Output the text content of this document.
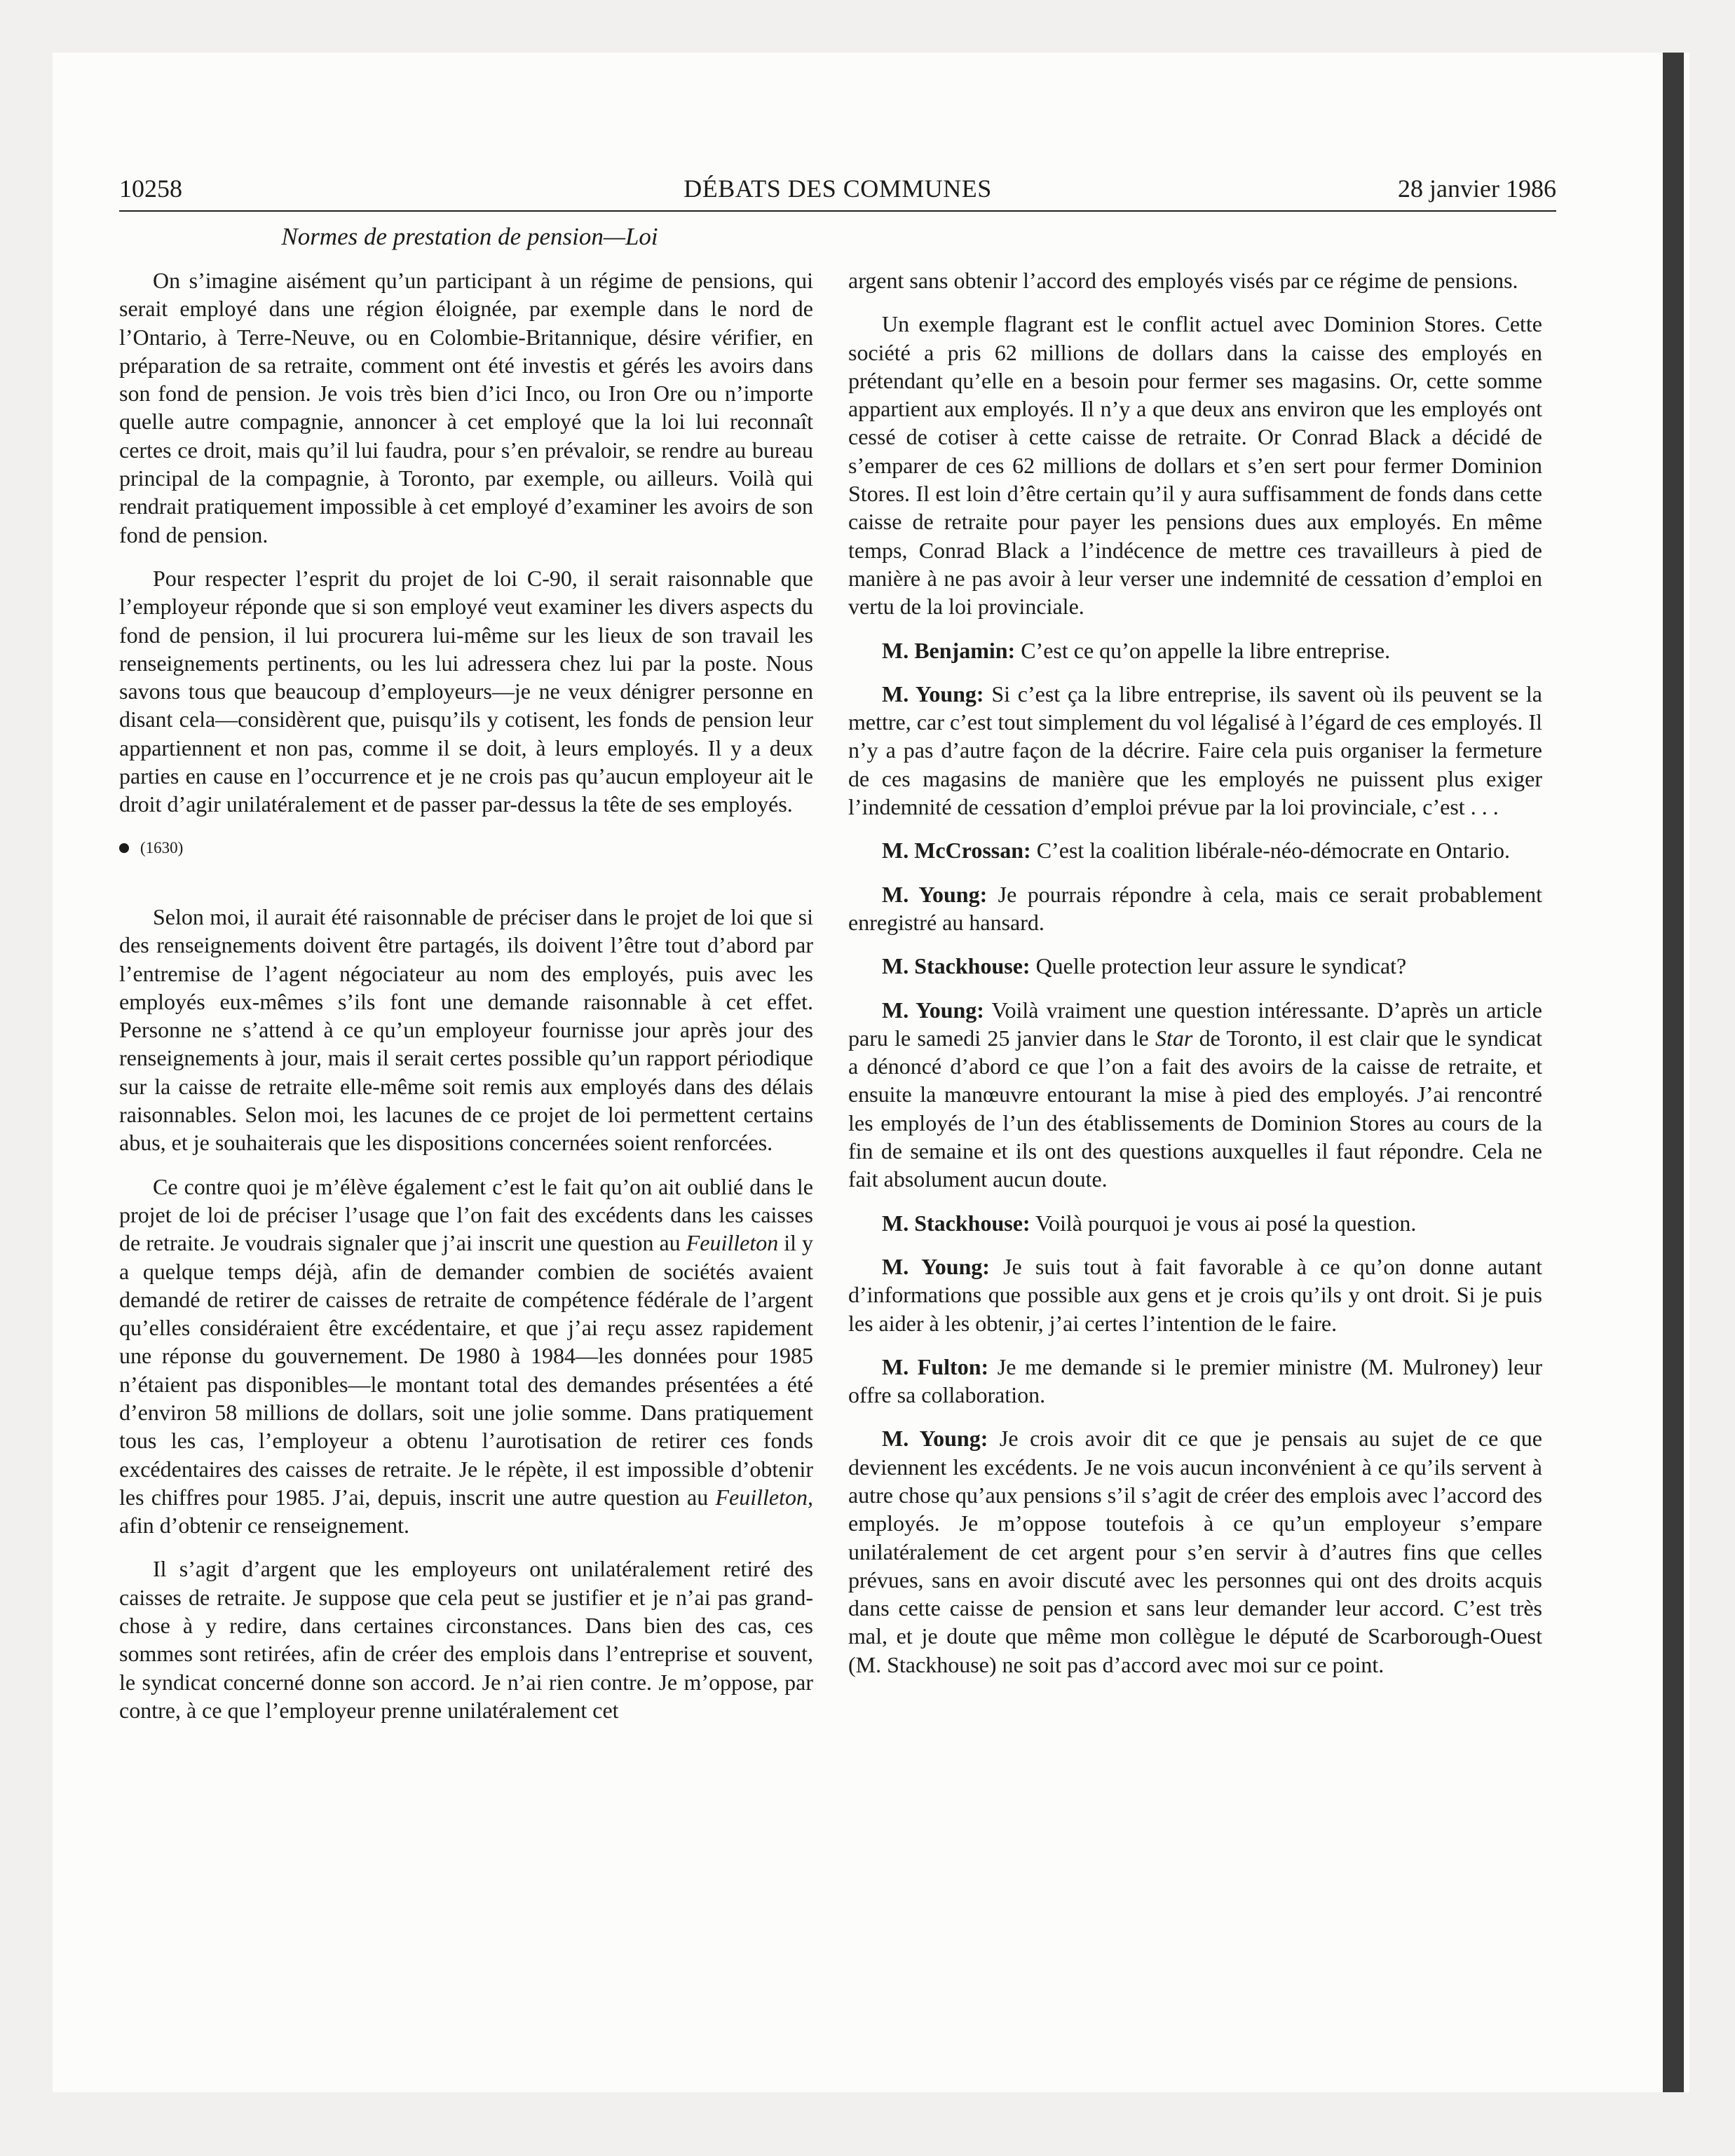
10258	DÉBATS DES COMMUNES	28 janvier 1986
Normes de prestation de pension—Loi

On s’imagine aisément qu’un participant à un régime de pensions, qui serait employé dans une région éloignée, par exemple dans le nord de l’Ontario, à Terre-Neuve, ou en Colombie-Britannique, désire vérifier, en préparation de sa retraite, comment ont été investis et gérés les avoirs dans son fond de pension. Je vois très bien d’ici Inco, ou Iron Ore ou n’importe quelle autre compagnie, annoncer à cet employé que la loi lui reconnaît certes ce droit, mais qu’il lui faudra, pour s’en prévaloir, se rendre au bureau principal de la compagnie, à Toronto, par exemple, ou ailleurs. Voilà qui rendrait pratiquement impossible à cet employé d’examiner les avoirs de son fond de pension.

Pour respecter l’esprit du projet de loi C-90, il serait raisonnable que l’employeur réponde que si son employé veut examiner les divers aspects du fond de pension, il lui procurera lui-même sur les lieux de son travail les renseignements pertinents, ou les lui adressera chez lui par la poste. Nous savons tous que beaucoup d’employeurs—je ne veux dénigrer personne en disant cela—considèrent que, puisqu’ils y cotisent, les fonds de pension leur appartiennent et non pas, comme il se doit, à leurs employés. Il y a deux parties en cause en l’occurrence et je ne crois pas qu’aucun employeur ait le droit d’agir unilatéralement et de passer par-dessus la tête de ses employés.

(1630)

Selon moi, il aurait été raisonnable de préciser dans le projet de loi que si des renseignements doivent être partagés, ils doivent l’être tout d’abord par l’entremise de l’agent négociateur au nom des employés, puis avec les employés eux-mêmes s’ils font une demande raisonnable à cet effet. Personne ne s’attend à ce qu’un employeur fournisse jour après jour des renseignements à jour, mais il serait certes possible qu’un rapport périodique sur la caisse de retraite elle-même soit remis aux employés dans des délais raisonnables. Selon moi, les lacunes de ce projet de loi permettent certains abus, et je souhaiterais que les dispositions concernées soient renforcées.

Ce contre quoi je m’élève également c’est le fait qu’on ait oublié dans le projet de loi de préciser l’usage que l’on fait des excédents dans les caisses de retraite. Je voudrais signaler que j’ai inscrit une question au Feuilleton il y a quelque temps déjà, afin de demander combien de sociétés avaient demandé de retirer de caisses de retraite de compétence fédérale de l’argent qu’elles considéraient être excédentaire, et que j’ai reçu assez rapidement une réponse du gouvernement. De 1980 à 1984—les données pour 1985 n’étaient pas disponibles—le montant total des demandes présentées a été d’environ 58 millions de dollars, soit une jolie somme. Dans pratiquement tous les cas, l’employeur a obtenu l’aurotisation de retirer ces fonds excédentaires des caisses de retraite. Je le répète, il est impossible d’obtenir les chiffres pour 1985. J’ai, depuis, inscrit une autre question au Feuilleton, afin d’obtenir ce renseignement.

Il s’agit d’argent que les employeurs ont unilatéralement retiré des caisses de retraite. Je suppose que cela peut se justifier et je n’ai pas grand-chose à y redire, dans certaines circonstances. Dans bien des cas, ces sommes sont retirées, afin de créer des emplois dans l’entreprise et souvent, le syndicat concerné donne son accord. Je n’ai rien contre. Je m’oppose, par contre, à ce que l’employeur prenne unilatéralement cet

argent sans obtenir l’accord des employés visés par ce régime de pensions.

Un exemple flagrant est le conflit actuel avec Dominion Stores. Cette société a pris 62 millions de dollars dans la caisse des employés en prétendant qu’elle en a besoin pour fermer ses magasins. Or, cette somme appartient aux employés. Il n’y a que deux ans environ que les employés ont cessé de cotiser à cette caisse de retraite. Or Conrad Black a décidé de s’emparer de ces 62 millions de dollars et s’en sert pour fermer Dominion Stores. Il est loin d’être certain qu’il y aura suffisamment de fonds dans cette caisse de retraite pour payer les pensions dues aux employés. En même temps, Conrad Black a l’indécence de mettre ces travailleurs à pied de manière à ne pas avoir à leur verser une indemnité de cessation d’emploi en vertu de la loi provinciale.

M. Benjamin: C’est ce qu’on appelle la libre entreprise.

M. Young: Si c’est ça la libre entreprise, ils savent où ils peuvent se la mettre, car c’est tout simplement du vol légalisé à l’égard de ces employés. Il n’y a pas d’autre façon de la décrire. Faire cela puis organiser la fermeture de ces magasins de manière que les employés ne puissent plus exiger l’indemnité de cessation d’emploi prévue par la loi provinciale, c’est . . .

M. McCrossan: C’est la coalition libérale-néo-démocrate en Ontario.

M. Young: Je pourrais répondre à cela, mais ce serait probablement enregistré au hansard.

M. Stackhouse: Quelle protection leur assure le syndicat?

M. Young: Voilà vraiment une question intéressante. D’après un article paru le samedi 25 janvier dans le Star de Toronto, il est clair que le syndicat a dénoncé d’abord ce que l’on a fait des avoirs de la caisse de retraite, et ensuite la manœuvre entourant la mise à pied des employés. J’ai rencontré les employés de l’un des établissements de Dominion Stores au cours de la fin de semaine et ils ont des questions auxquelles il faut répondre. Cela ne fait absolument aucun doute.

M. Stackhouse: Voilà pourquoi je vous ai posé la question.

M. Young: Je suis tout à fait favorable à ce qu’on donne autant d’informations que possible aux gens et je crois qu’ils y ont droit. Si je puis les aider à les obtenir, j’ai certes l’intention de le faire.

M. Fulton: Je me demande si le premier ministre (M. Mulroney) leur offre sa collaboration.

M. Young: Je crois avoir dit ce que je pensais au sujet de ce que deviennent les excédents. Je ne vois aucun inconvénient à ce qu’ils servent à autre chose qu’aux pensions s’il s’agit de créer des emplois avec l’accord des employés. Je m’oppose toutefois à ce qu’un employeur s’empare unilatéralement de cet argent pour s’en servir à d’autres fins que celles prévues, sans en avoir discuté avec les personnes qui ont des droits acquis dans cette caisse de pension et sans leur demander leur accord. C’est très mal, et je doute que même mon collègue le député de Scarborough-Ouest (M. Stackhouse) ne soit pas d’accord avec moi sur ce point.
